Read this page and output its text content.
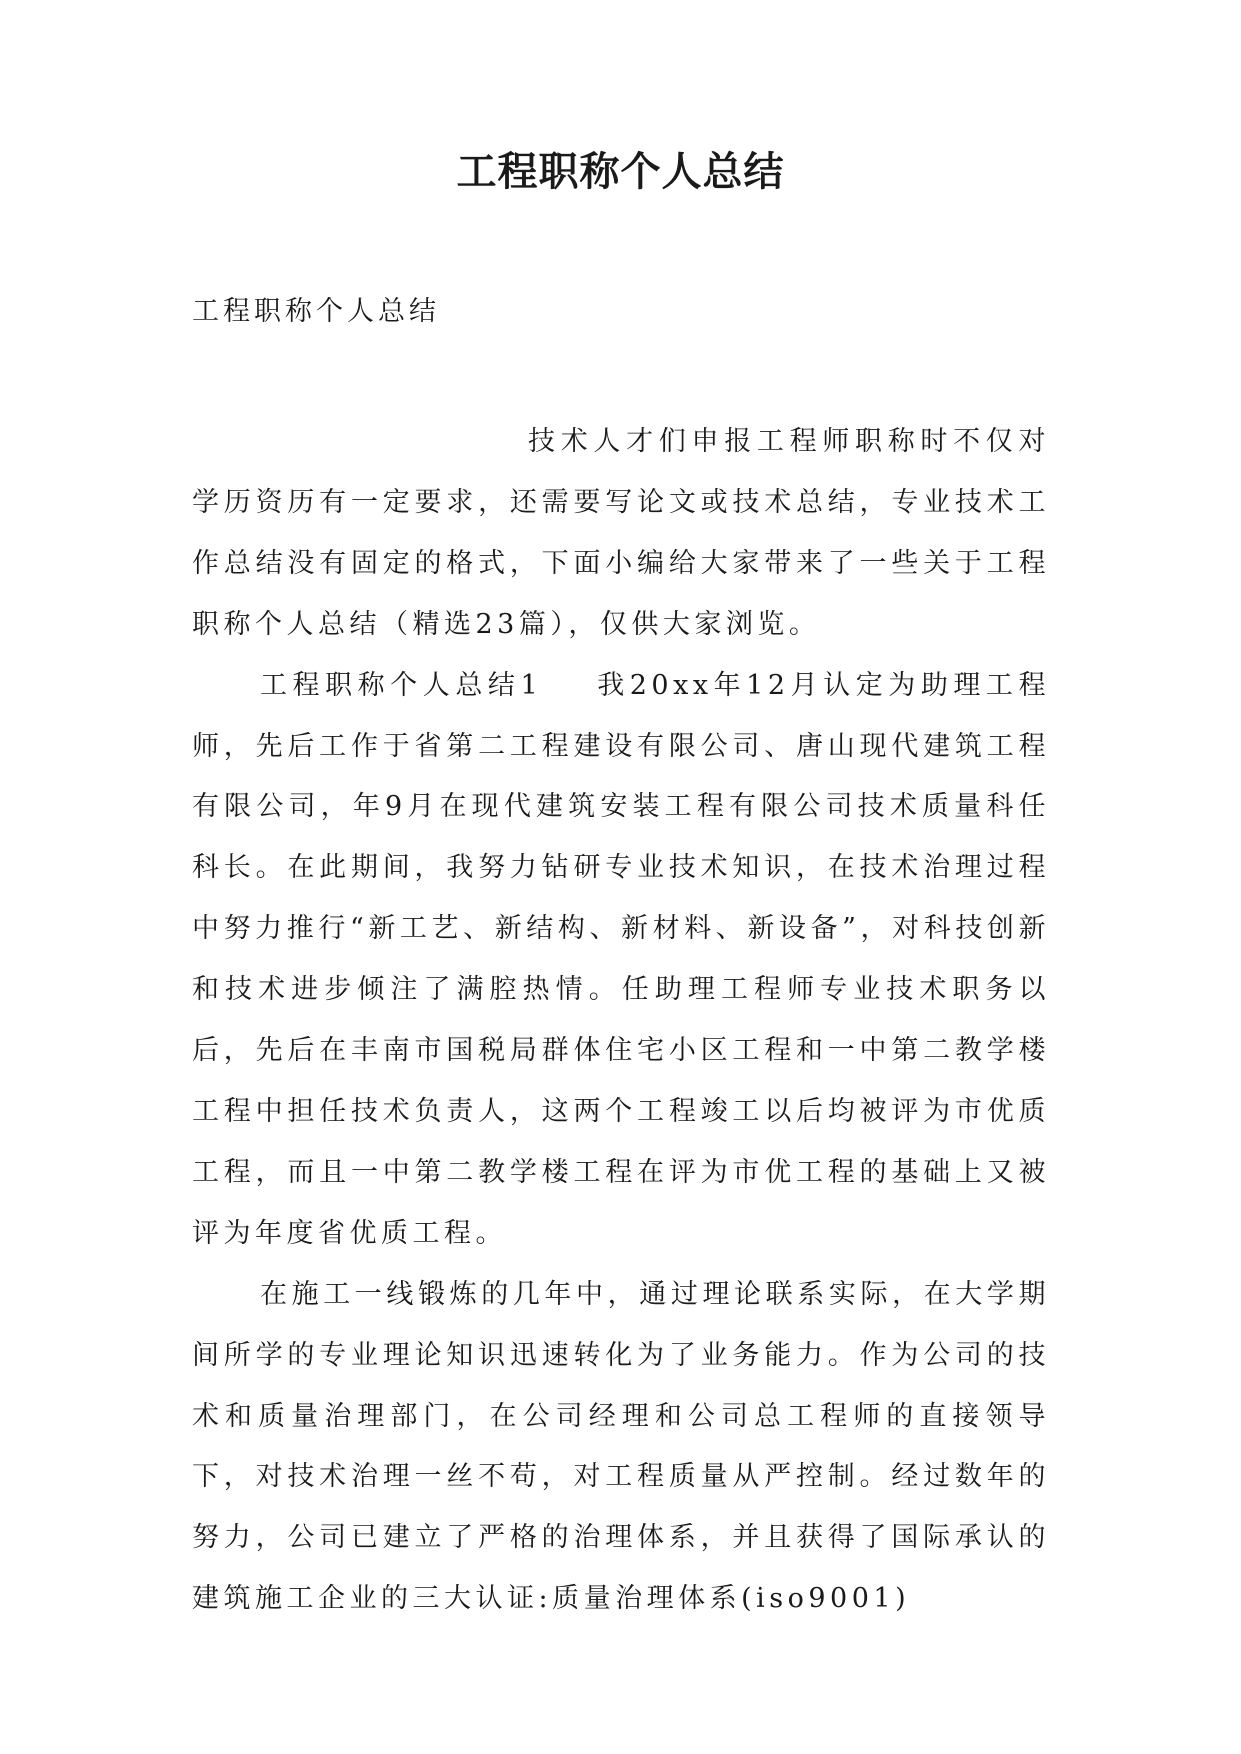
工程职称个人总结

工程职称个人总结

技术人才们申报工程师职称时不仅对学历资历有一定要求，还需要写论文或技术总结，专业技术工作总结没有固定的格式，下面小编给大家带来了一些关于工程职称个人总结（精选23篇），仅供大家浏览。

工程职称个人总结1 我20xx年12月认定为助理工程师，先后工作于省第二工程建设有限公司、唐山现代建筑工程有限公司，年9月在现代建筑安装工程有限公司技术质量科任科长。在此期间，我努力钻研专业技术知识，在技术治理过程中努力推行“新工艺、新结构、新材料、新设备”，对科技创新和技术进步倾注了满腔热情。任助理工程师专业技术职务以后，先后在丰南市国税局群体住宅小区工程和一中第二教学楼工程中担任技术负责人，这两个工程竣工以后均被评为市优质工程，而且一中第二教学楼工程在评为市优工程的基础上又被评为年度省优质工程。

在施工一线锻炼的几年中，通过理论联系实际，在大学期间所学的专业理论知识迅速转化为了业务能力。作为公司的技术和质量治理部门，在公司经理和公司总工程师的直接领导下，对技术治理一丝不苟，对工程质量从严控制。经过数年的努力，公司已建立了严格的治理体系，并且获得了国际承认的建筑施工企业的三大认证:质量治理体系(iso9001)
